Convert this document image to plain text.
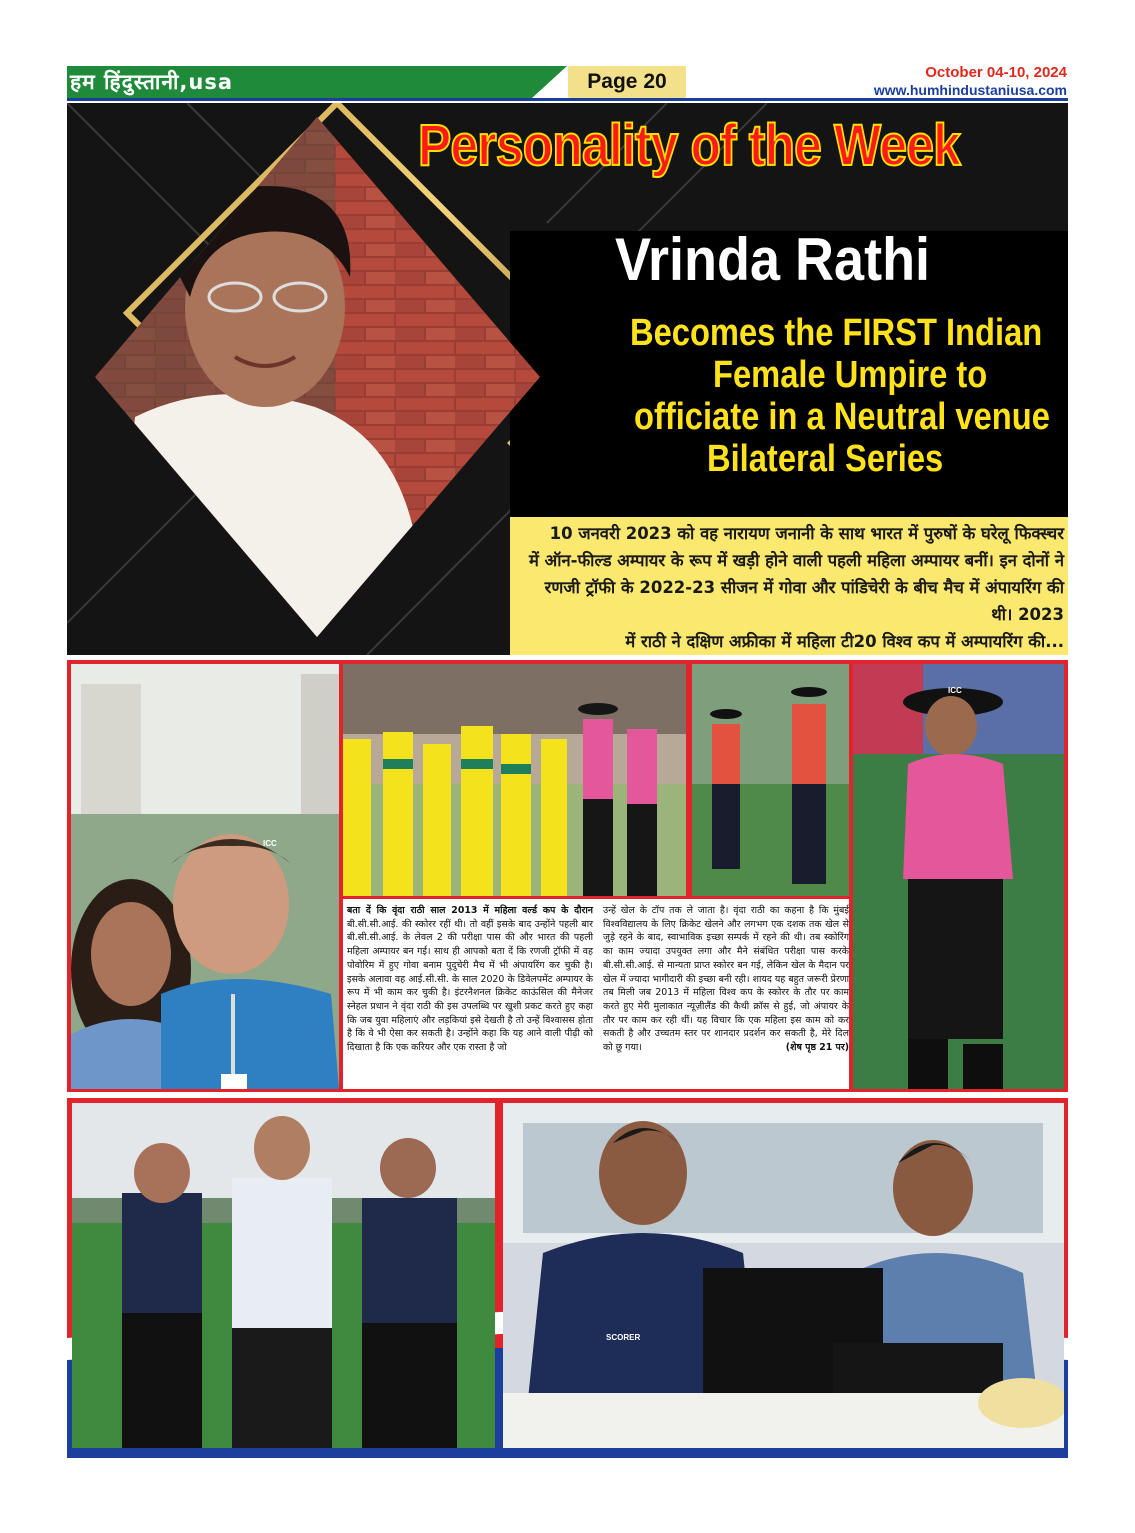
हम हिंदुस्तानी,usa	Page 20	October 04-10, 2024
www.humhindustaniusa.com
Personality of the Week
Vrinda Rathi
Becomes the FIRST Indian
Female Umpire to
officiate in a Neutral venue
Bilateral Series
10 जनवरी 2023 को वह नारायण जनानी के साथ भारत में पुरुषों के घरेलू फिक्स्चर
में ऑन-फील्ड अम्पायर के रूप में खड़ी होने वाली पहली महिला अम्पायर बनीं। इन दोनों ने
रणजी ट्रॉफी के 2022-23 सीजन में गोवा और पांडिचेरी के बीच मैच में अंपायरिंग की थी। 2023
में राठी ने दक्षिण अफ्रीका में महिला टी20 विश्व कप में अम्पायरिंग की...
ICC
ICC
बता दें कि वृंदा राठी साल 2013 में महिला वर्ल्ड कप के दौरान बी.सी.सी.आई. की स्कोरर रहीं थी। तो वहीं इसके बाद उन्होंने पहली बार बी.सी.सी.आई. के लेवल 2 की परीक्षा पास की और भारत की पहली महिला अम्पायर बन गई। साथ ही आपको बता दें कि रणजी ट्रॉफी में वह पोवोरिम में हुए गोवा बनाम पुदुचेरी मैच में भी अंपायरिंग कर चुकी है। इसके अलावा वह आई.सी.सी. के साल 2020 के डिवेलपमेंट अम्पायर के रूप में भी काम कर चुकी है। इंटरनैशनल क्रिकेट काऊंसिल की मैनेजर स्नेहल प्रधान ने वृंदा राठी की इस उपलब्धि पर खुशी प्रकट करते हुए कहा कि जब युवा महिलाएं और लड़कियां इसे देखती है तो उन्हें विश्वासस होता है कि वे भी ऐसा कर सकती है। उन्होंने कहा कि यह आने वाली पीढ़ी को दिखाता है कि एक करियर और एक रास्ता है जो
उन्हें खेल के टॉप तक ले जाता है। वृंदा राठी का कहना है कि मुंबई विश्वविद्यालय के लिए क्रिकेट खेलने और लगभग एक दशक तक खेल से जुड़े रहने के बाद, स्वाभाविक इच्छा सम्पर्क में रहने की थी। तब स्कोरिंग का काम ज्यादा उपयुक्त लगा और मैने संबंधित परीक्षा पास करके बी.सी.सी.आई. से मान्यता प्राप्त स्कोरर बन गई, लेकिन खेल के मैदान पर खेल में ज्यादा भागीदारी की इच्छा बनी रही। शायद यह बहुत जरूरी प्रेरणा तब मिली जब 2013 में महिला विश्व कप के स्कोरर के तौर पर काम करते हुए मेरी मुलाकात न्यूज़ीलैंड की कैथी क्रॉस से हुई, जो अंपायर के तौर पर काम कर रही थीं। यह विचार कि एक महिला इस काम को कर सकती है और उच्चतम स्तर पर शानदार प्रदर्शन कर सकती है, मेरे दिल को छू गया।	(शेष पृष्ठ 21 पर)
SCORER
